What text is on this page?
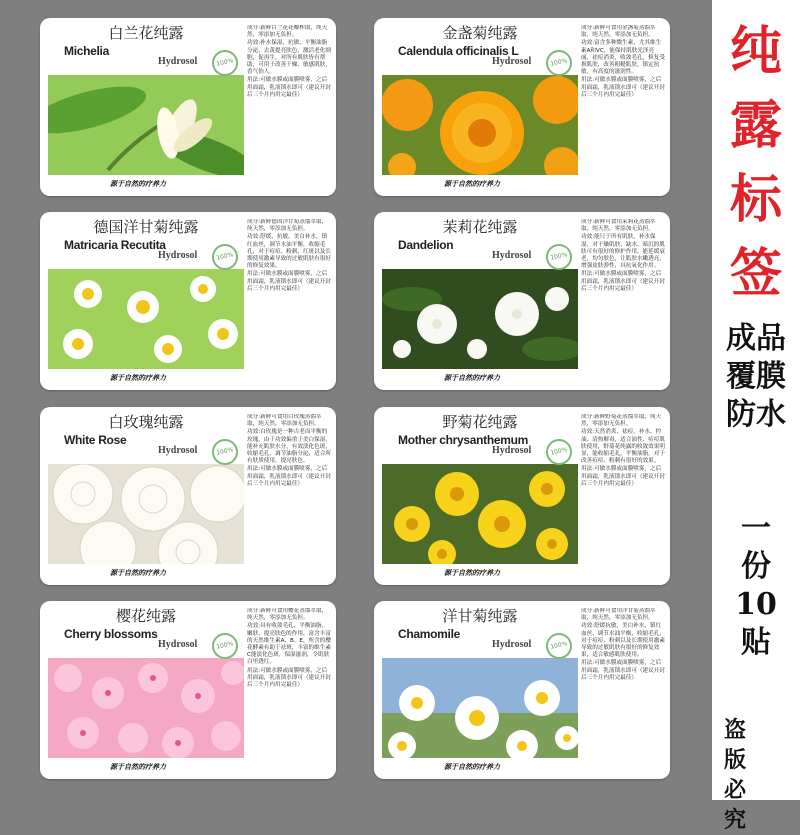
白兰花纯露
Michelia
Hydrosol	100%

成分:新鲜白兰花花瓣榨取，纯天然，零添加无负担。

功效:补水保湿、抗敏、平衡油脂分泌，去黄提亮肤色，激活老化细胞，促再生，对所有肌肤皆有帮助，可用于改善干燥、敏感肌肤，香气怡人。

用法:可做水膜或面膜喷雾，之后用面霜，乳液锁水即可（建议开封后三个月内用完最佳）

源于自然的疗养力
金盏菊纯露
Calendula officinalis L
Hydrosol	100%

成分:新鲜可食用金盏菊蒸馏萃取，纯天然，零添加无负担。

功效:富含多种微生素，尤其维生素A和VC，能保持肌肤光泽亮丽，祛痘消炎，收敛毛孔，修复受损肌肤，改善粗糙肌肤，镇定抗敏，有高度的滋润性。

用法:可做水膜或面膜喷雾，之后用面霜，乳液锁水即可（建议开封后三个月内用完最佳）

源于自然的疗养力
德国洋甘菊纯露
Matricaria Recutita
Hydrosol	100%

成分:新鲜德国洋甘菊蒸馏萃取，纯天然，零添加无负担。

功效:舒缓、抗敏，美白补水，镇红血丝，调节水油平衡，收缩毛孔，对于痘痘、粉刺、红斑以及长期使用激素导致的过敏肌肤有很好的修复效果。

用法:可做水膜或面膜喷雾，之后用面霜，乳液锁水即可（建议开封后三个月内用完最佳）

源于自然的疗养力
茉莉花纯露
Dandelion
Hydrosol	100%

成分:新鲜可食用茉莉花蒸馏萃取，纯天然，零添加无负担。

功效:能只于所有肌肤，补水保湿，对干燥肌肤、缺水、暗沉的肌肤可有很好的修护作用，能延缓衰老，均匀肤色，让肌肤水嫩透亮，增强皮肤弹性，具抗氧化作用。

用法:可做水膜或面膜喷雾，之后用面霜，乳液锁水即可（建议开封后三个月内用完最佳）

源于自然的疗养力
白玫瑰纯露
White Rose
Hydrosol	100%

成分:新鲜可食用白玫瑰蒸馏萃取，纯天然，零添加无负担。

功效:白玫瑰是一种古老而平衡的玫瑰，由于功效偏重于美白保湿，能补充肌肤水分，有效淡化色斑，收缩毛孔，调节油脂分泌，适合所有肤质使用，提亮肤色。

用法:可做水膜或面膜喷雾，之后用面霜，乳液锁水即可（建议开封后三个月内用完最佳）

源于自然的疗养力
野菊花纯露
Mother chrysanthemum
Hydrosol	100%

成分:新鲜野菊花蒸馏萃取，纯天然，零添加无负担。

功效:天然消炎、祛痘，补水、控油、清热解毒，适合油性、痘痘肌肤使用，野菊花纯露的收敛效果明显，能收缩毛孔，平衡油脂，对于改善痘痘、粉刺有很好的效果。

用法:可做水膜或面膜喷雾，之后用面霜，乳液锁水即可（建议开封后三个月内用完最佳）

源于自然的疗养力
樱花纯露
Cherry blossoms
Hydrosol	100%

成分:新鲜可食用樱花蒸馏萃取，纯天然，零添加无负担。

功效:具有收敛毛孔、平衡油脂、嫩肤、提亮肤色的作用，富含丰富的天然维生素A、B、E，所含的樱花酵素有助于祛斑，丰富的维生素C能淡化色斑，保湿滋润，令肌肤白里透红。

用法:可做水膜或面膜喷雾，之后用面霜，乳液锁水即可（建议开封后三个月内用完最佳）

源于自然的疗养力
洋甘菊纯露
Chamomile
Hydrosol	100%

成分:新鲜可食用洋甘菊蒸馏萃取，纯天然，零添加无负担。

功效:舒缓抗敏，美白补水，镇红血丝，调节水油平衡，收缩毛孔，对于痘痘、粉刺以及长期使用激素导致的过敏肌肤有很好的修复效果，适合敏感肌肤使用。

用法:可做水膜或面膜喷雾，之后用面霜，乳液锁水即可（建议开封后三个月内用完最佳）

源于自然的疗养力
纯
露
标
签
成品
覆膜
防水
一
份
10
贴
盗版必究
